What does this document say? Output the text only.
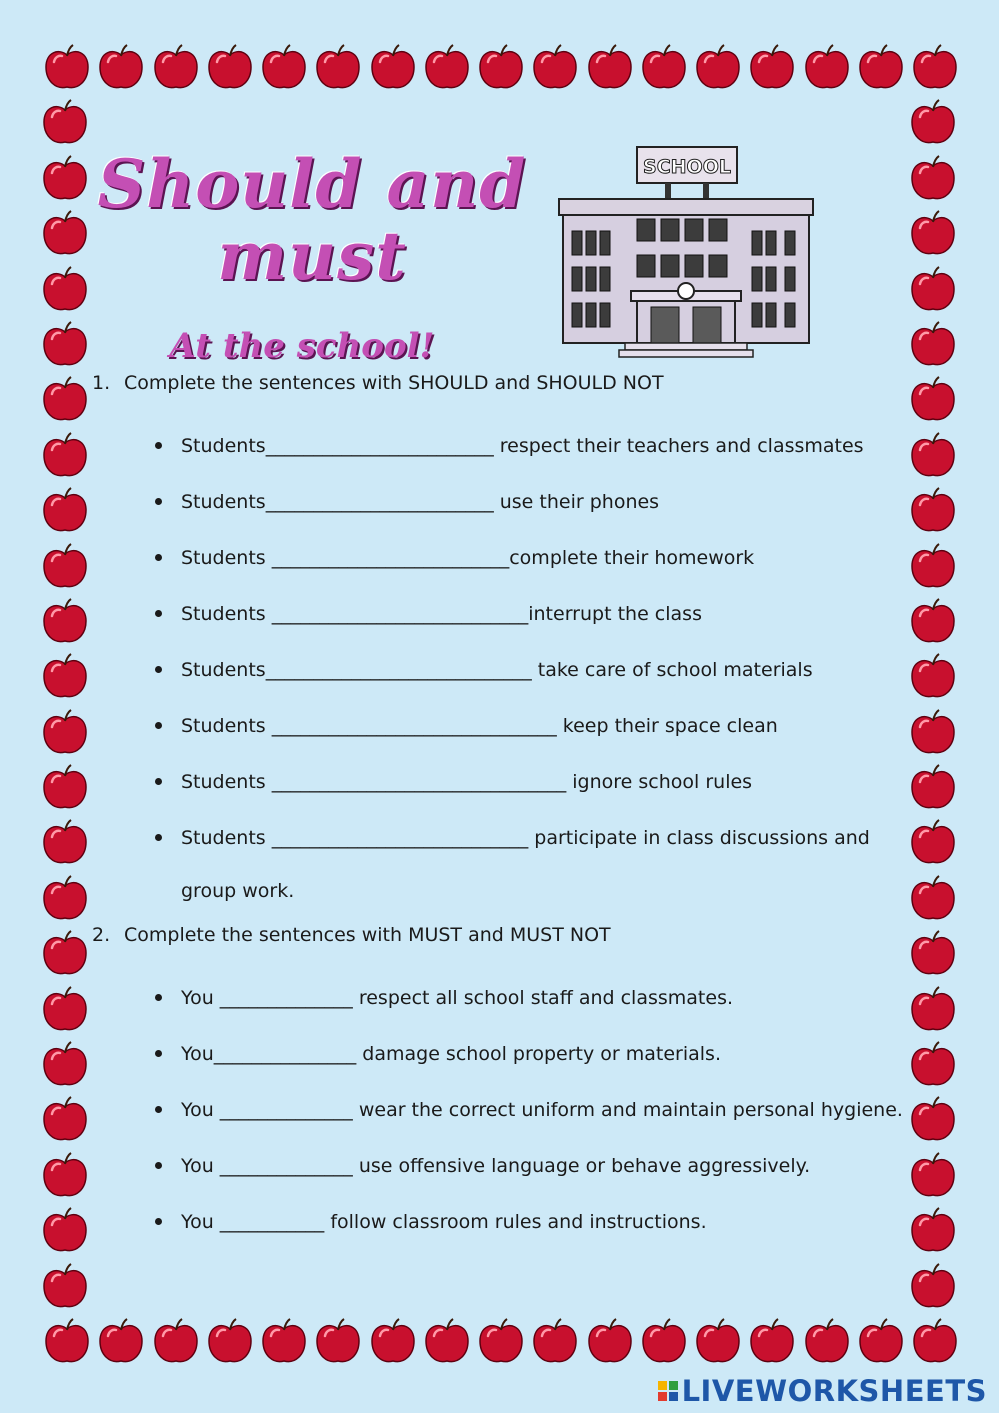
Should and
must
At the school!
SCHOOL
1. Complete the sentences with SHOULD and SHOULD NOT
Students________________________ respect their teachers and classmates
Students________________________ use their phones
Students _________________________complete their homework
Students ___________________________interrupt the class
Students____________________________ take care of school materials
Students ______________________________ keep their space clean
Students _______________________________ ignore school rules
Students ___________________________ participate in class discussions and group work.
2. Complete the sentences with MUST and MUST NOT
You ______________ respect all school staff and classmates.
You_______________ damage school property or materials.
You ______________ wear the correct uniform and maintain personal hygiene.
You ______________ use offensive language or behave aggressively.
You ___________ follow classroom rules and instructions.
LIVEWORKSHEETS
